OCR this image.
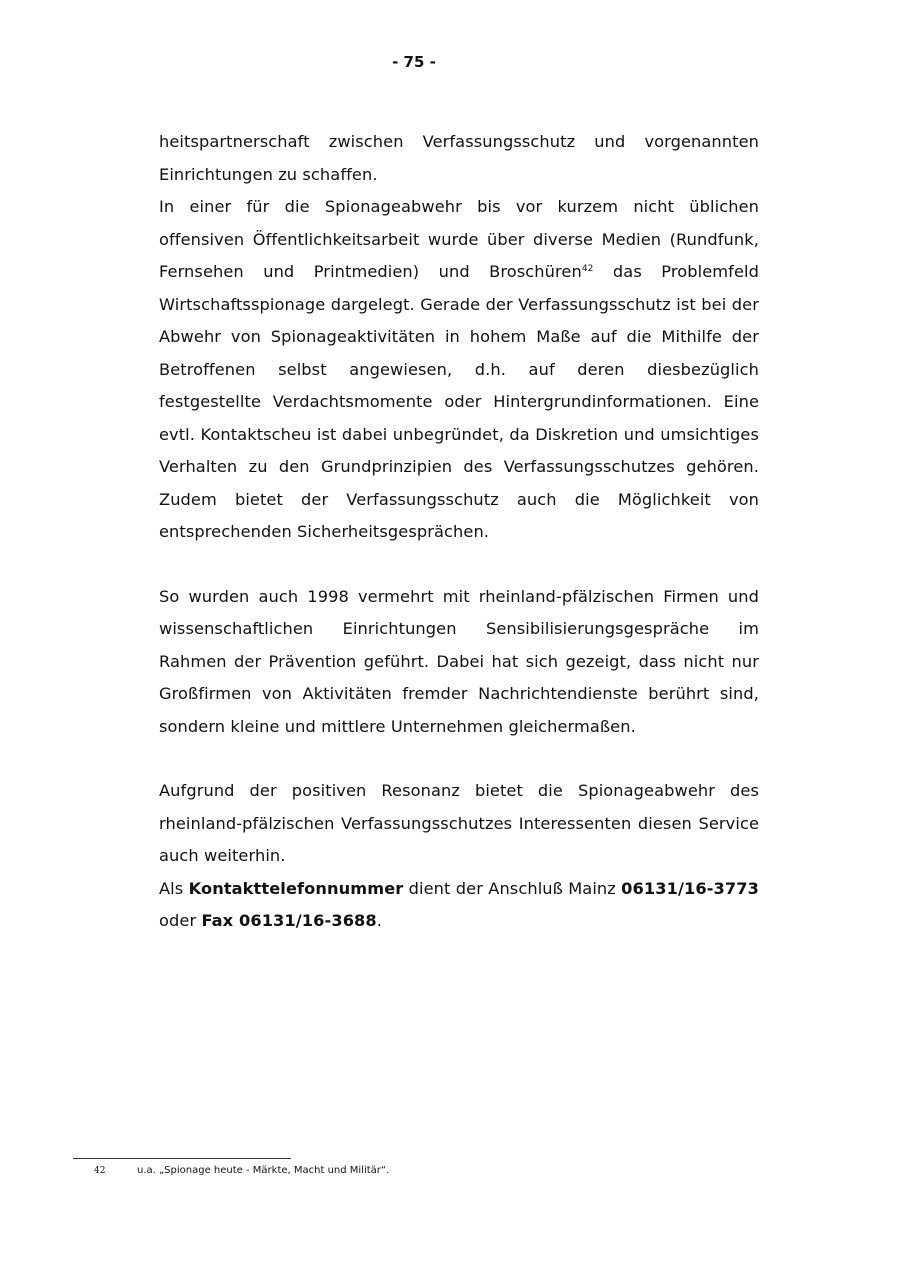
- 75 -

heitspartnerschaft zwischen Verfassungsschutz und vorgenannten Einrichtungen zu schaffen.

In einer für die Spionageabwehr bis vor kurzem nicht üblichen offensiven Öffentlichkeitsarbeit wurde über diverse Medien (Rundfunk, Fernsehen und Printmedien) und Broschüren$^{42}$ das Problemfeld Wirtschaftsspionage dargelegt. Gerade der Verfassungsschutz ist bei der Abwehr von Spionageaktivitäten in hohem Maße auf die Mithilfe der Betroffenen selbst angewiesen, d.h. auf deren diesbezüglich festgestellte Verdachtsmomente oder Hintergrundinformationen. Eine evtl. Kontaktscheu ist dabei unbegründet, da Diskretion und umsichtiges Verhalten zu den Grundprinzipien des Verfassungsschutzes gehören. Zudem bietet der Verfassungsschutz auch die Möglichkeit von entsprechenden Sicherheitsgesprächen.

So wurden auch 1998 vermehrt mit rheinland-pfälzischen Firmen und wissenschaftlichen Einrichtungen Sensibilisierungsgespräche im Rahmen der Prävention geführt. Dabei hat sich gezeigt, dass nicht nur Großfirmen von Aktivitäten fremder Nachrichtendienste berührt sind, sondern kleine und mittlere Unternehmen gleichermaßen.

Aufgrund der positiven Resonanz bietet die Spionageabwehr des rheinland-pfälzischen Verfassungsschutzes Interessenten diesen Service auch weiterhin.

Als Kontakttelefonnummer dient der Anschluß Mainz 06131/16-3773 oder Fax 06131/16-3688.

42	u.a. „Spionage heute - Märkte, Macht und Militär“.
